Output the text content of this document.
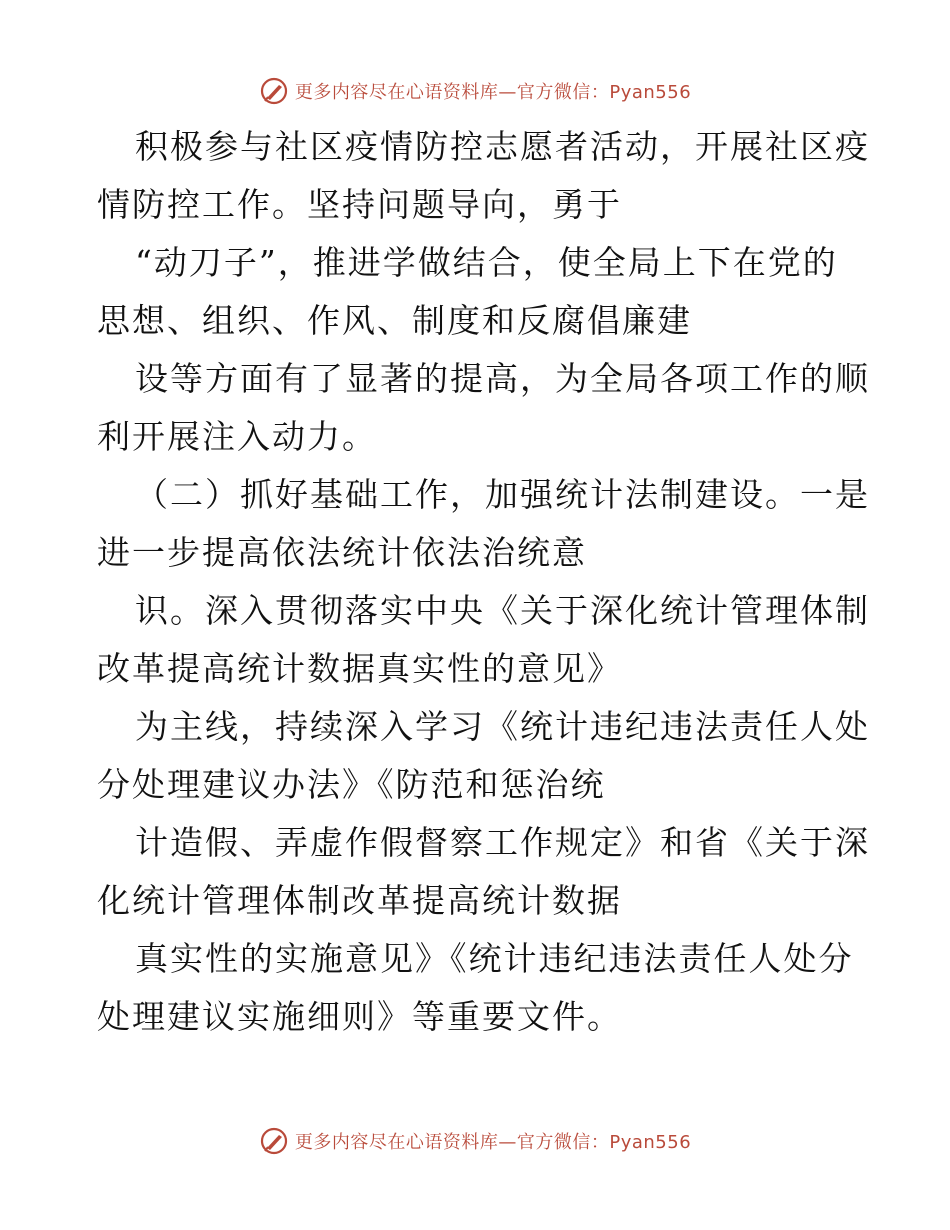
更多内容尽在心语资料库—官方微信：Pyan556
积极参与社区疫情防控志愿者活动，开展社区疫
情防控工作。坚持问题导向，勇于
“动刀子”，推进学做结合，使全局上下在党的
思想、组织、作风、制度和反腐倡廉建
设等方面有了显著的提高，为全局各项工作的顺
利开展注入动力。
（二）抓好基础工作，加强统计法制建设。一是
进一步提高依法统计依法治统意
识。深入贯彻落实中央《关于深化统计管理体制
改革提高统计数据真实性的意见》
为主线，持续深入学习《统计违纪违法责任人处
分处理建议办法》《防范和惩治统
计造假、弄虚作假督察工作规定》和省《关于深
化统计管理体制改革提高统计数据
真实性的实施意见》《统计违纪违法责任人处分
处理建议实施细则》等重要文件。
更多内容尽在心语资料库—官方微信：Pyan556
